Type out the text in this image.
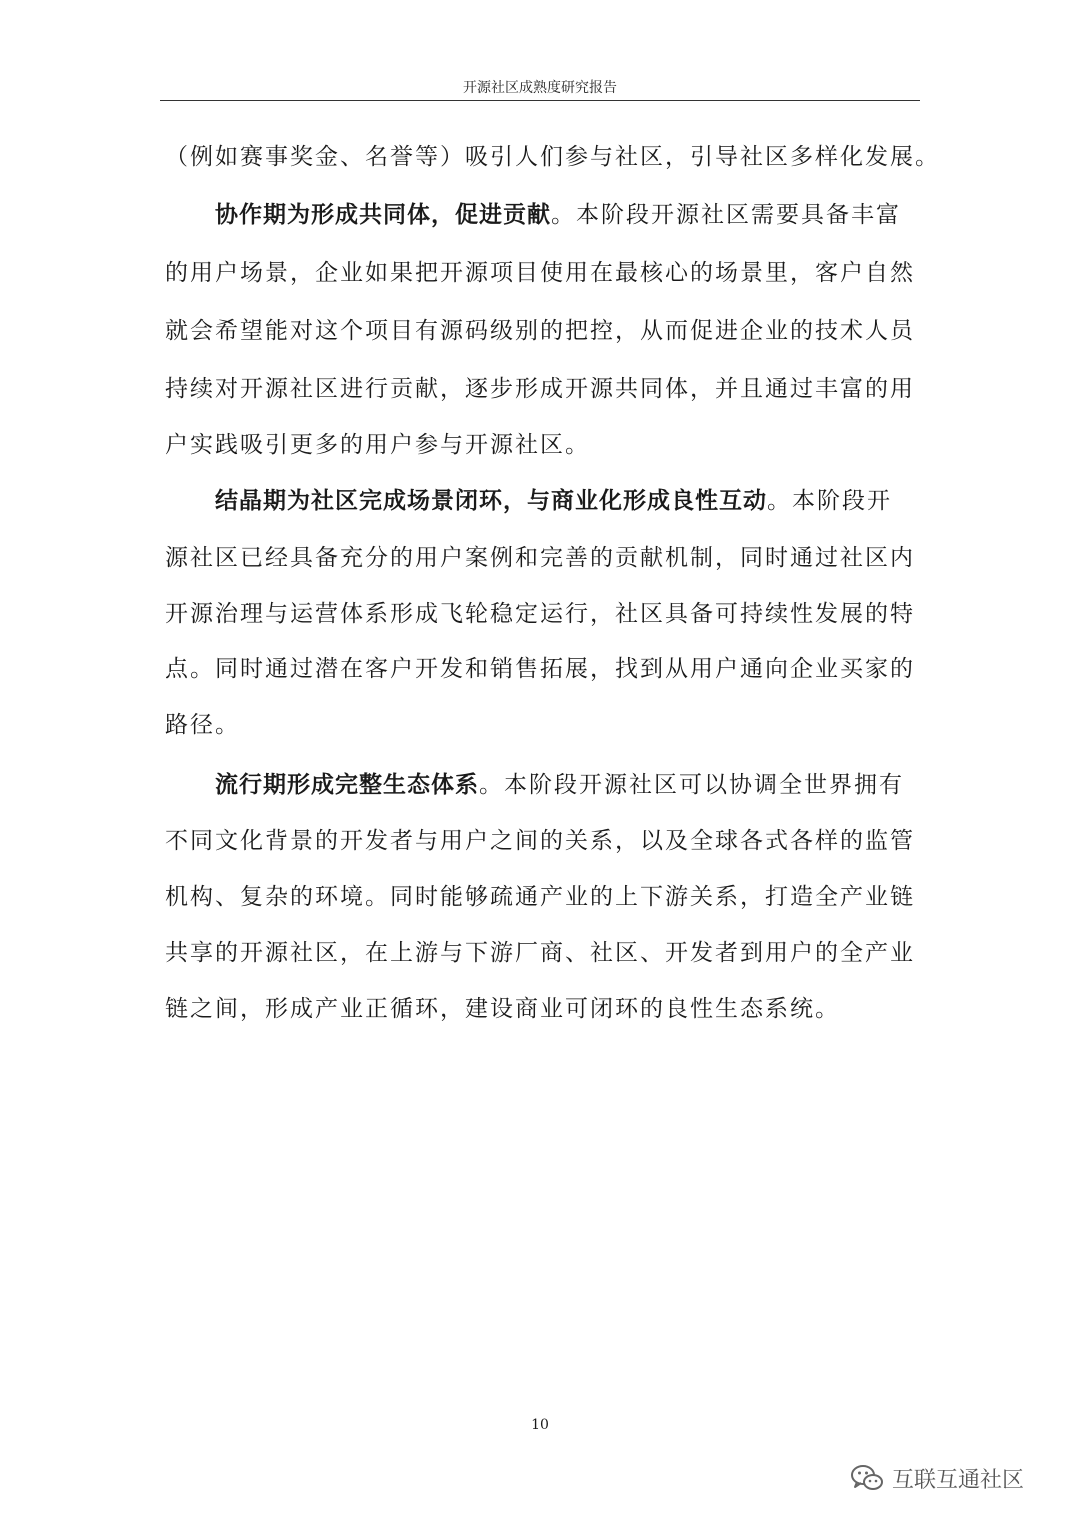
开源社区成熟度研究报告
（例如赛事奖金、名誉等）吸引人们参与社区，引导社区多样化发展。
协作期为形成共同体，促进贡献。本阶段开源社区需要具备丰富
的用户场景，企业如果把开源项目使用在最核心的场景里，客户自然
就会希望能对这个项目有源码级别的把控，从而促进企业的技术人员
持续对开源社区进行贡献，逐步形成开源共同体，并且通过丰富的用
户实践吸引更多的用户参与开源社区。
结晶期为社区完成场景闭环，与商业化形成良性互动。本阶段开
源社区已经具备充分的用户案例和完善的贡献机制，同时通过社区内
开源治理与运营体系形成飞轮稳定运行，社区具备可持续性发展的特
点。同时通过潜在客户开发和销售拓展，找到从用户通向企业买家的
路径。
流行期形成完整生态体系。本阶段开源社区可以协调全世界拥有
不同文化背景的开发者与用户之间的关系，以及全球各式各样的监管
机构、复杂的环境。同时能够疏通产业的上下游关系，打造全产业链
共享的开源社区，在上游与下游厂商、社区、开发者到用户的全产业
链之间，形成产业正循环，建设商业可闭环的良性生态系统。
10
互联互通社区
